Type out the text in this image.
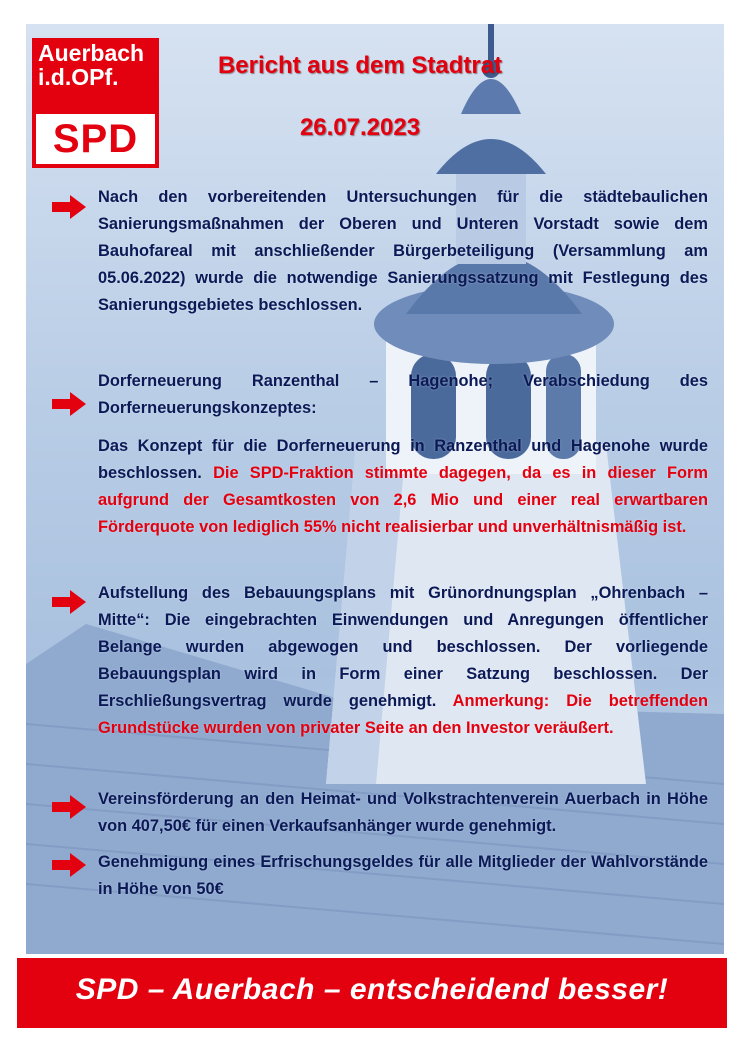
Auerbach
i.d.OPf.
SPD
Bericht aus dem Stadtrat
26.07.2023

Nach den vorbereitenden Untersuchungen für die städtebaulichen Sanierungsmaßnahmen der Oberen und Unteren Vorstadt sowie dem Bauhofareal mit anschließender Bürgerbeteiligung (Versammlung am 05.06.2022) wurde die notwendige Sanierungssatzung mit Festlegung des Sanierungsgebietes beschlossen.

Dorferneuerung Ranzenthal – Hagenohe; Verabschiedung des Dorferneuerungskonzeptes:

Das Konzept für die Dorferneuerung in Ranzenthal und Hagenohe wurde beschlossen. Die SPD-Fraktion stimmte dagegen, da es in dieser Form aufgrund der Gesamtkosten von 2,6 Mio und einer real erwartbaren Förderquote von lediglich 55% nicht realisierbar und unverhältnismäßig ist.

Aufstellung des Bebauungsplans mit Grünordnungsplan „Ohrenbach – Mitte“: Die eingebrachten Einwendungen und Anregungen öffentlicher Belange wurden abgewogen und beschlossen. Der vorliegende Bebauungsplan wird in Form einer Satzung beschlossen. Der Erschließungsvertrag wurde genehmigt. Anmerkung: Die betreffenden Grundstücke wurden von privater Seite an den Investor veräußert.

Vereinsförderung an den Heimat- und Volkstrachtenverein Auerbach in Höhe von 407,50€ für einen Verkaufsanhänger wurde genehmigt.

Genehmigung eines Erfrischungsgeldes für alle Mitglieder der Wahlvorstände in Höhe von 50€

SPD – Auerbach – entscheidend besser!
